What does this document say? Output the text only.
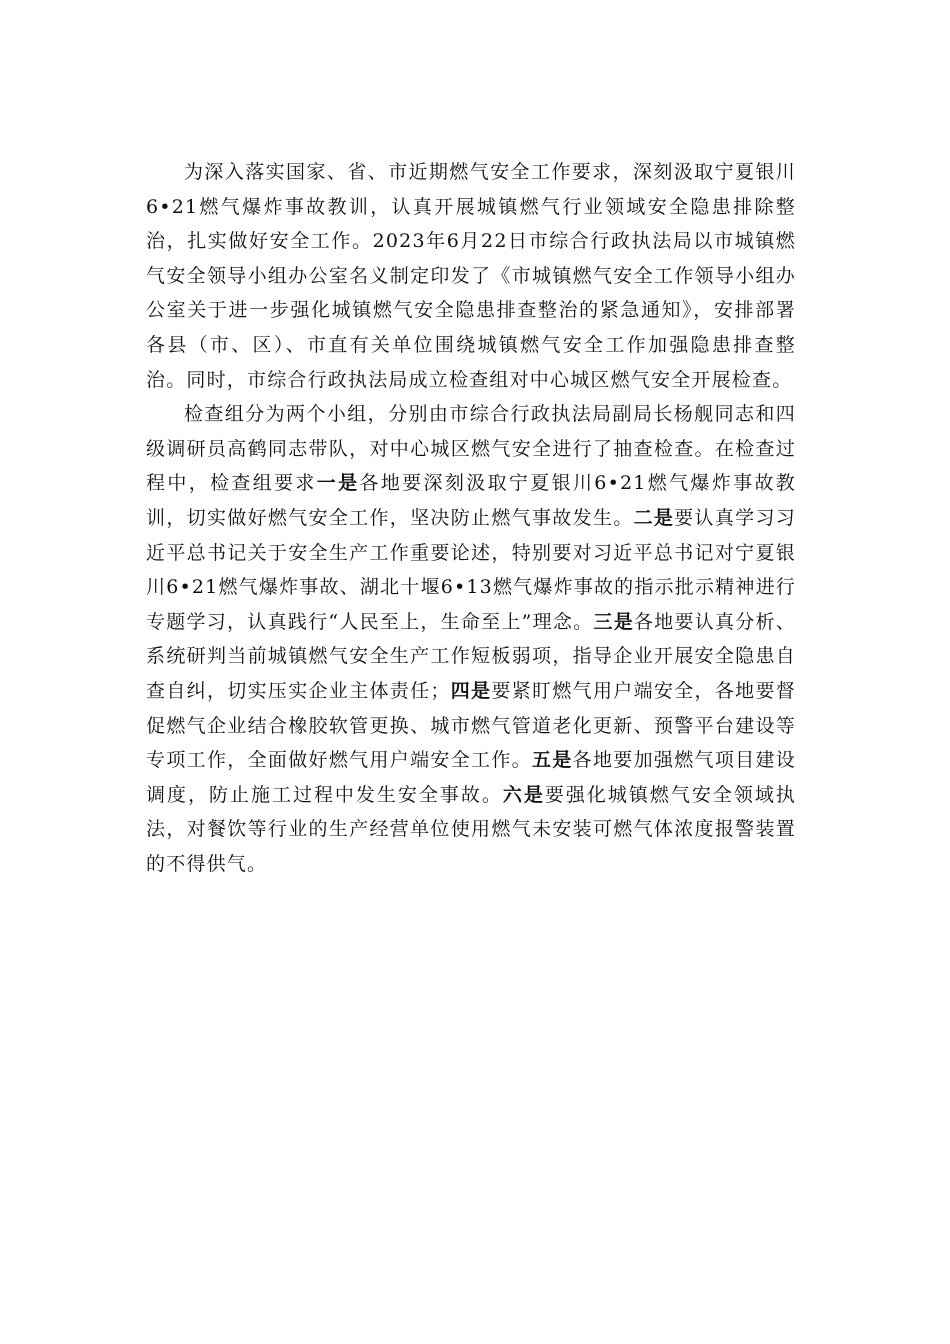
为深入落实国家、省、市近期燃气安全工作要求，深刻汲取宁夏银川6•21燃气爆炸事故教训，认真开展城镇燃气行业领域安全隐患排除整治，扎实做好安全工作。2023年6月22日市综合行政执法局以市城镇燃气安全领导小组办公室名义制定印发了《市城镇燃气安全工作领导小组办公室关于进一步强化城镇燃气安全隐患排查整治的紧急通知》，安排部署各县（市、区）、市直有关单位围绕城镇燃气安全工作加强隐患排查整治。同时，市综合行政执法局成立检查组对中心城区燃气安全开展检查。

检查组分为两个小组，分别由市综合行政执法局副局长杨舰同志和四级调研员高鹤同志带队，对中心城区燃气安全进行了抽查检查。在检查过程中，检查组要求一是各地要深刻汲取宁夏银川6•21燃气爆炸事故教训，切实做好燃气安全工作，坚决防止燃气事故发生。二是要认真学习习近平总书记关于安全生产工作重要论述，特别要对习近平总书记对宁夏银川6•21燃气爆炸事故、湖北十堰6•13燃气爆炸事故的指示批示精神进行专题学习，认真践行“人民至上，生命至上”理念。三是各地要认真分析、系统研判当前城镇燃气安全生产工作短板弱项，指导企业开展安全隐患自查自纠，切实压实企业主体责任；四是要紧盯燃气用户端安全，各地要督促燃气企业结合橡胶软管更换、城市燃气管道老化更新、预警平台建设等专项工作，全面做好燃气用户端安全工作。五是各地要加强燃气项目建设调度，防止施工过程中发生安全事故。六是要强化城镇燃气安全领域执法，对餐饮等行业的生产经营单位使用燃气未安装可燃气体浓度报警装置的不得供气。
